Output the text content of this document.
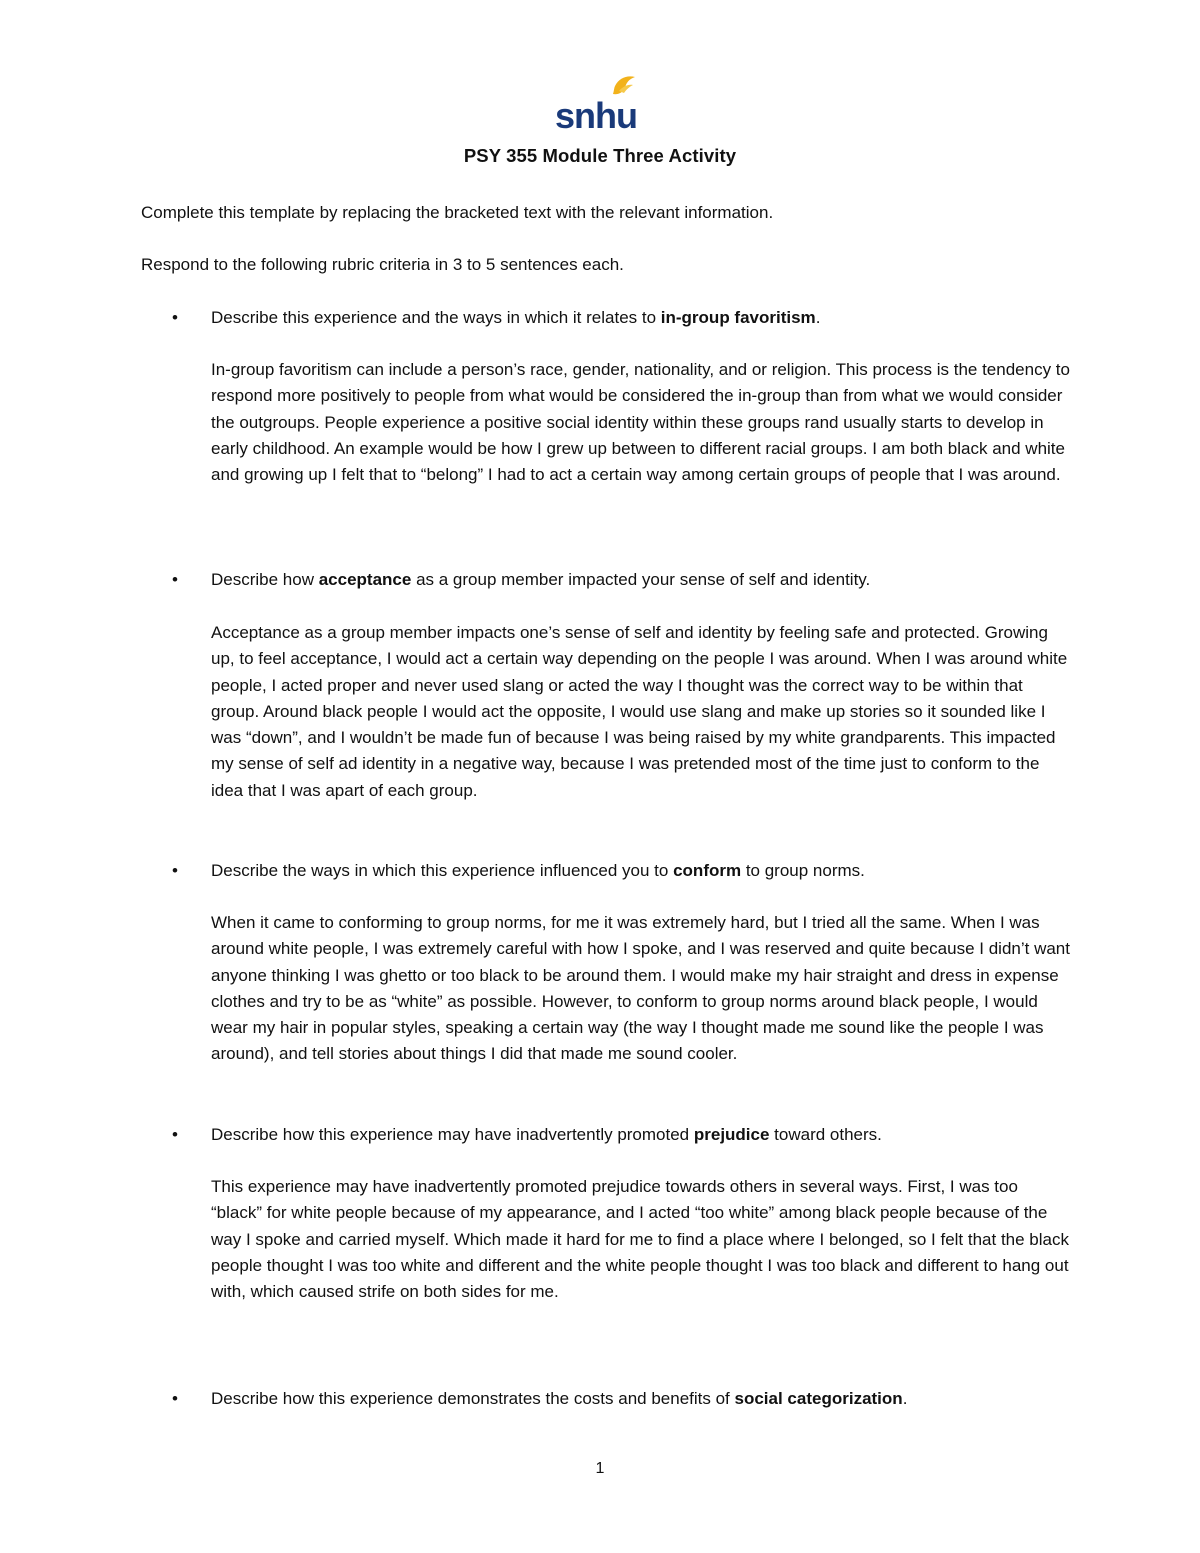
snhu
PSY 355 Module Three Activity
Complete this template by replacing the bracketed text with the relevant information.
Respond to the following rubric criteria in 3 to 5 sentences each.
• Describe this experience and the ways in which it relates to in-group favoritism.
In-group favoritism can include a person’s race, gender, nationality, and or religion. This process is the tendency to respond more positively to people from what would be considered the in-group than from what we would consider the outgroups. People experience a positive social identity within these groups rand usually starts to develop in early childhood. An example would be how I grew up between to different racial groups. I am both black and white and growing up I felt that to “belong” I had to act a certain way among certain groups of people that I was around.
• Describe how acceptance as a group member impacted your sense of self and identity.
Acceptance as a group member impacts one’s sense of self and identity by feeling safe and protected. Growing up, to feel acceptance, I would act a certain way depending on the people I was around. When I was around white people, I acted proper and never used slang or acted the way I thought was the correct way to be within that group. Around black people I would act the opposite, I would use slang and make up stories so it sounded like I was “down”, and I wouldn’t be made fun of because I was being raised by my white grandparents. This impacted my sense of self ad identity in a negative way, because I was pretended most of the time just to conform to the idea that I was apart of each group.
• Describe the ways in which this experience influenced you to conform to group norms.
When it came to conforming to group norms, for me it was extremely hard, but I tried all the same. When I was around white people, I was extremely careful with how I spoke, and I was reserved and quite because I didn’t want anyone thinking I was ghetto or too black to be around them. I would make my hair straight and dress in expense clothes and try to be as “white” as possible. However, to conform to group norms around black people, I would wear my hair in popular styles, speaking a certain way (the way I thought made me sound like the people I was around), and tell stories about things I did that made me sound cooler.
• Describe how this experience may have inadvertently promoted prejudice toward others.
This experience may have inadvertently promoted prejudice towards others in several ways. First, I was too “black” for white people because of my appearance, and I acted “too white” among black people because of the way I spoke and carried myself. Which made it hard for me to find a place where I belonged, so I felt that the black people thought I was too white and different and the white people thought I was too black and different to hang out with, which caused strife on both sides for me.
• Describe how this experience demonstrates the costs and benefits of social categorization.
1
